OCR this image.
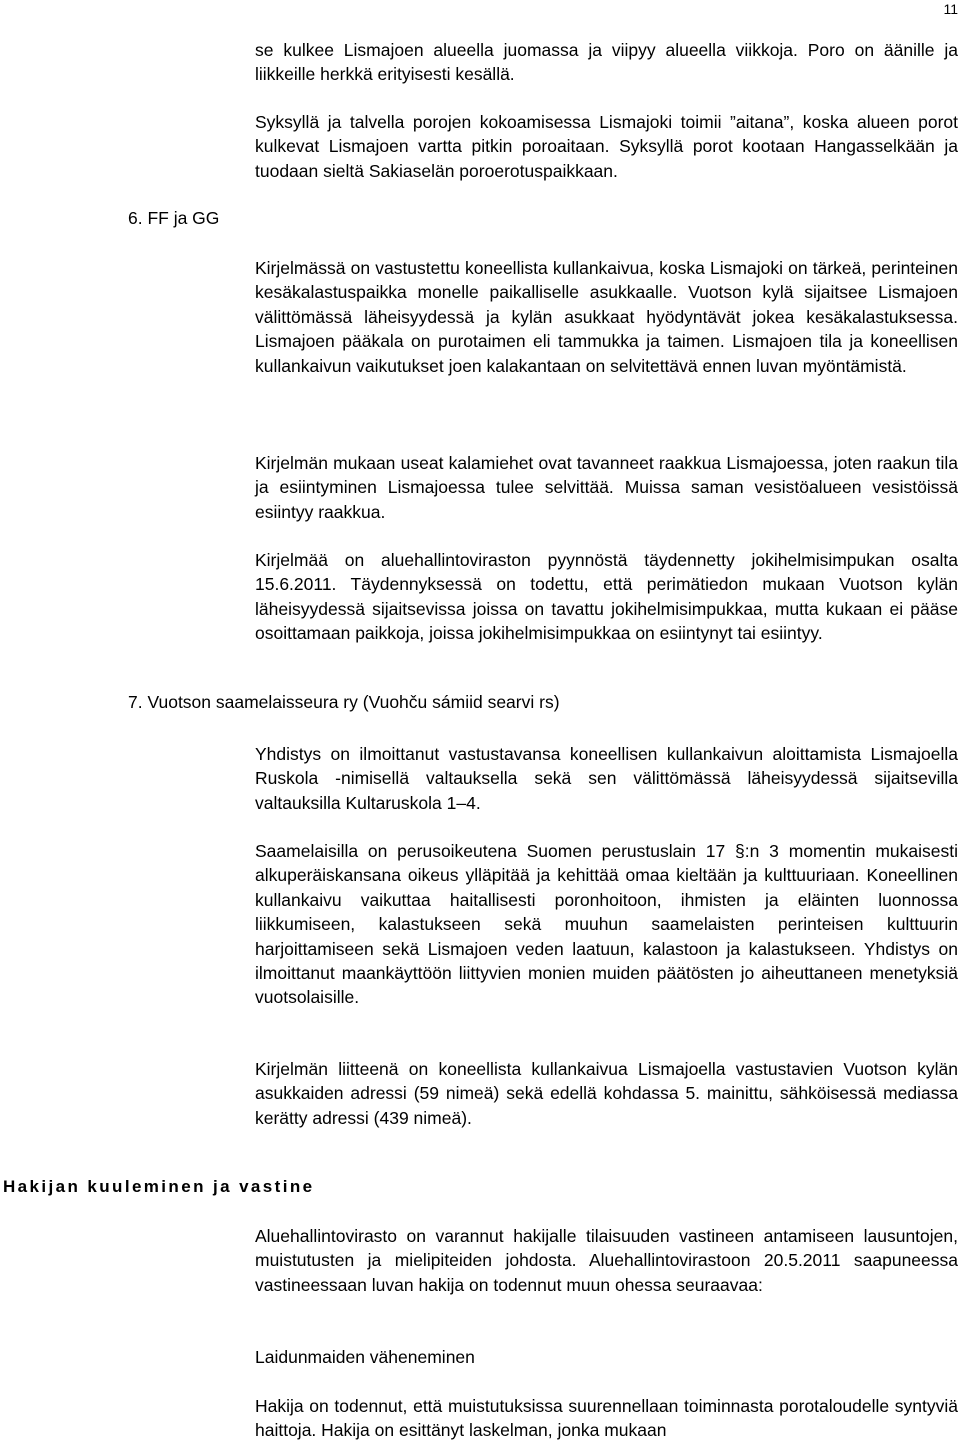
11

se kulkee Lismajoen alueella juomassa ja viipyy alueella viikkoja. Poro on äänille ja liikkeille herkkä erityisesti kesällä.

Syksyllä ja talvella porojen kokoamisessa Lismajoki toimii ”aitana”, koska alueen porot kulkevat Lismajoen vartta pitkin poroaitaan. Syksyllä porot kootaan Hangasselkään ja tuodaan sieltä Sakiaselän poroerotuspaikkaan.

6. FF ja GG

Kirjelmässä on vastustettu koneellista kullankaivua, koska Lismajoki on tärkeä, perinteinen kesäkalastuspaikka monelle paikalliselle asukkaalle. Vuotson kylä sijaitsee Lismajoen välittömässä läheisyydessä ja kylän asukkaat hyödyntävät jokea kesäkalastuksessa. Lismajoen pääkala on purotaimen eli tammukka ja taimen. Lismajoen tila ja koneellisen kullankaivun vaikutukset joen kalakantaan on selvitettävä ennen luvan myöntämistä.

Kirjelmän mukaan useat kalamiehet ovat tavanneet raakkua Lismajoessa, joten raakun tila ja esiintyminen Lismajoessa tulee selvittää. Muissa saman vesistöalueen vesistöissä esiintyy raakkua.

Kirjelmää on aluehallintoviraston pyynnöstä täydennetty jokihelmisimpukan osalta 15.6.2011. Täydennyksessä on todettu, että perimätiedon mukaan Vuotson kylän läheisyydessä sijaitsevissa joissa on tavattu jokihelmisimpukkaa, mutta kukaan ei pääse osoittamaan paikkoja, joissa jokihelmisimpukkaa on esiintynyt tai esiintyy.

7. Vuotson saamelaisseura ry (Vuohču sámiid searvi rs)

Yhdistys on ilmoittanut vastustavansa koneellisen kullankaivun aloittamista Lismajoella Ruskola -nimisellä valtauksella sekä sen välittömässä läheisyydessä sijaitsevilla valtauksilla Kultaruskola 1–4.

Saamelaisilla on perusoikeutena Suomen perustuslain 17 §:n 3 momentin mukaisesti alkuperäiskansana oikeus ylläpitää ja kehittää omaa kieltään ja kulttuuriaan. Koneellinen kullankaivu vaikuttaa haitallisesti poronhoitoon, ihmisten ja eläinten luonnossa liikkumiseen, kalastukseen sekä muuhun saamelaisten perinteisen kulttuurin harjoittamiseen sekä Lismajoen veden laatuun, kalastoon ja kalastukseen. Yhdistys on ilmoittanut maankäyttöön liittyvien monien muiden päätösten jo aiheuttaneen menetyksiä vuotsolaisille.

Kirjelmän liitteenä on koneellista kullankaivua Lismajoella vastustavien Vuotson kylän asukkaiden adressi (59 nimeä) sekä edellä kohdassa 5. mainittu, sähköisessä mediassa kerätty adressi (439 nimeä).

Hakijan kuuleminen ja vastine

Aluehallintovirasto on varannut hakijalle tilaisuuden vastineen antamiseen lausuntojen, muistutusten ja mielipiteiden johdosta. Aluehallintovirastoon 20.5.2011 saapuneessa vastineessaan luvan hakija on todennut muun ohessa seuraavaa:

Laidunmaiden väheneminen

Hakija on todennut, että muistutuksissa suurennellaan toiminnasta porotaloudelle syntyviä haittoja. Hakija on esittänyt laskelman, jonka mukaan
